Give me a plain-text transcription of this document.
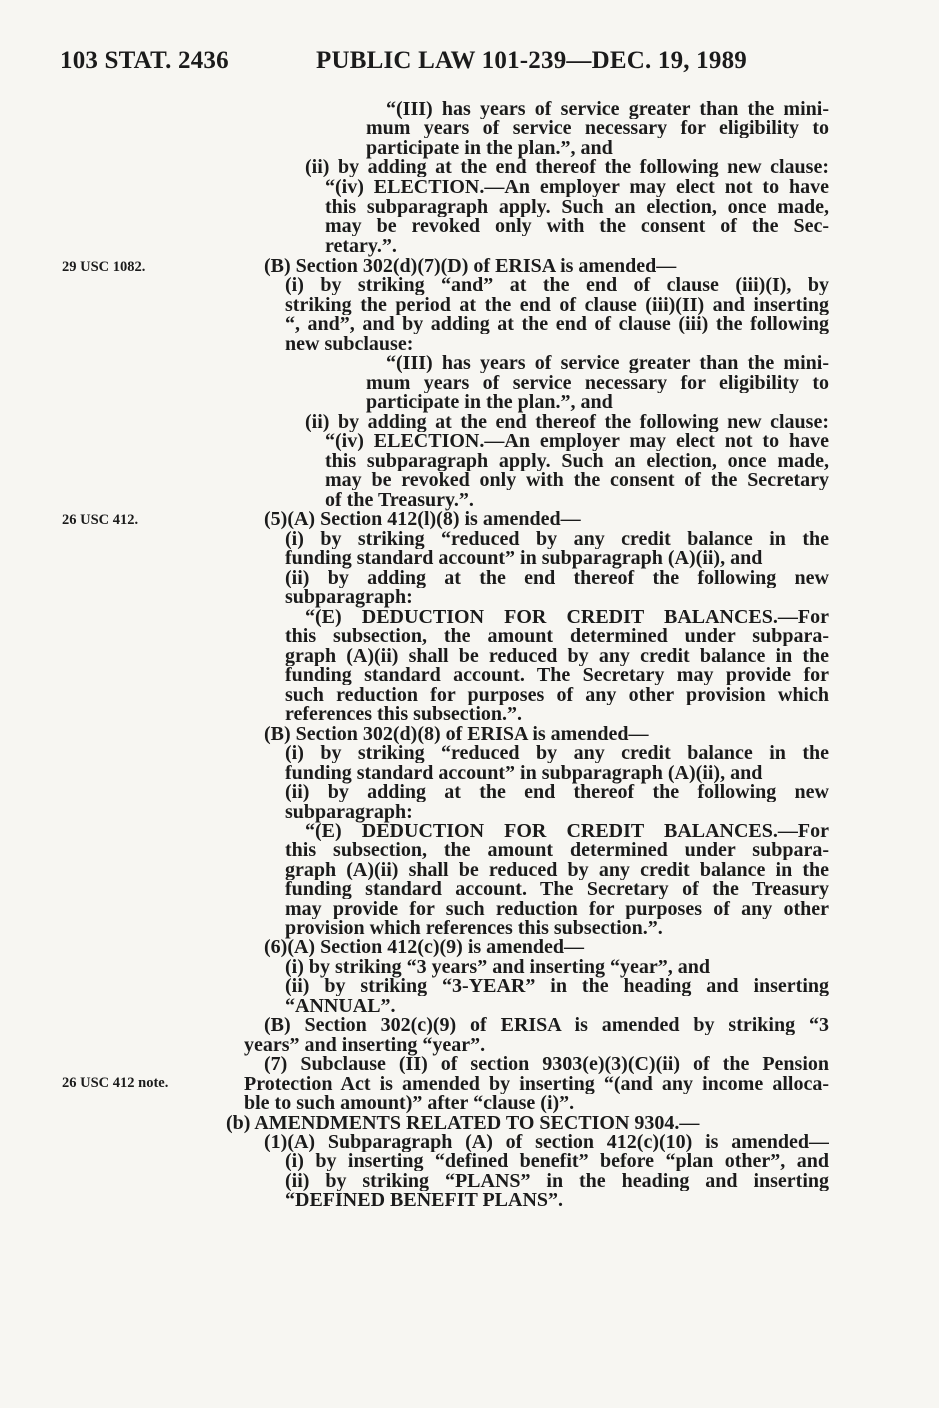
103 STAT. 2436	PUBLIC LAW 101-239—DEC. 19, 1989
29 USC 1082.
26 USC 412.
26 USC 412 note.
“(III) has years of service greater than the mini-
mum years of service necessary for eligibility to
participate in the plan.”, and
(ii) by adding at the end thereof the following new clause:
“(iv) ELECTION.—An employer may elect not to have
this subparagraph apply. Such an election, once made,
may be revoked only with the consent of the Sec-
retary.”.
(B) Section 302(d)(7)(D) of ERISA is amended—
(i) by striking “and” at the end of clause (iii)(I), by
striking the period at the end of clause (iii)(II) and inserting
“, and”, and by adding at the end of clause (iii) the following
new subclause:
“(III) has years of service greater than the mini-
mum years of service necessary for eligibility to
participate in the plan.”, and
(ii) by adding at the end thereof the following new clause:
“(iv) ELECTION.—An employer may elect not to have
this subparagraph apply. Such an election, once made,
may be revoked only with the consent of the Secretary
of the Treasury.”.
(5)(A) Section 412(l)(8) is amended—
(i) by striking “reduced by any credit balance in the
funding standard account” in subparagraph (A)(ii), and
(ii) by adding at the end thereof the following new
subparagraph:
“(E) DEDUCTION FOR CREDIT BALANCES.—For
this subsection, the amount determined under subpara-
graph (A)(ii) shall be reduced by any credit balance in the
funding standard account. The Secretary may provide for
such reduction for purposes of any other provision which
references this subsection.”.
(B) Section 302(d)(8) of ERISA is amended—
(i) by striking “reduced by any credit balance in the
funding standard account” in subparagraph (A)(ii), and
(ii) by adding at the end thereof the following new
subparagraph:
“(E) DEDUCTION FOR CREDIT BALANCES.—For
this subsection, the amount determined under subpara-
graph (A)(ii) shall be reduced by any credit balance in the
funding standard account. The Secretary of the Treasury
may provide for such reduction for purposes of any other
provision which references this subsection.”.
(6)(A) Section 412(c)(9) is amended—
(i) by striking “3 years” and inserting “year”, and
(ii) by striking “3-YEAR” in the heading and inserting
“ANNUAL”.
(B) Section 302(c)(9) of ERISA is amended by striking “3
years” and inserting “year”.
(7) Subclause (II) of section 9303(e)(3)(C)(ii) of the Pension
Protection Act is amended by inserting “(and any income alloca-
ble to such amount)” after “clause (i)”.
(b) AMENDMENTS RELATED TO SECTION 9304.—
(1)(A) Subparagraph (A) of section 412(c)(10) is amended—
(i) by inserting “defined benefit” before “plan other”, and
(ii) by striking “PLANS” in the heading and inserting
“DEFINED BENEFIT PLANS”.
